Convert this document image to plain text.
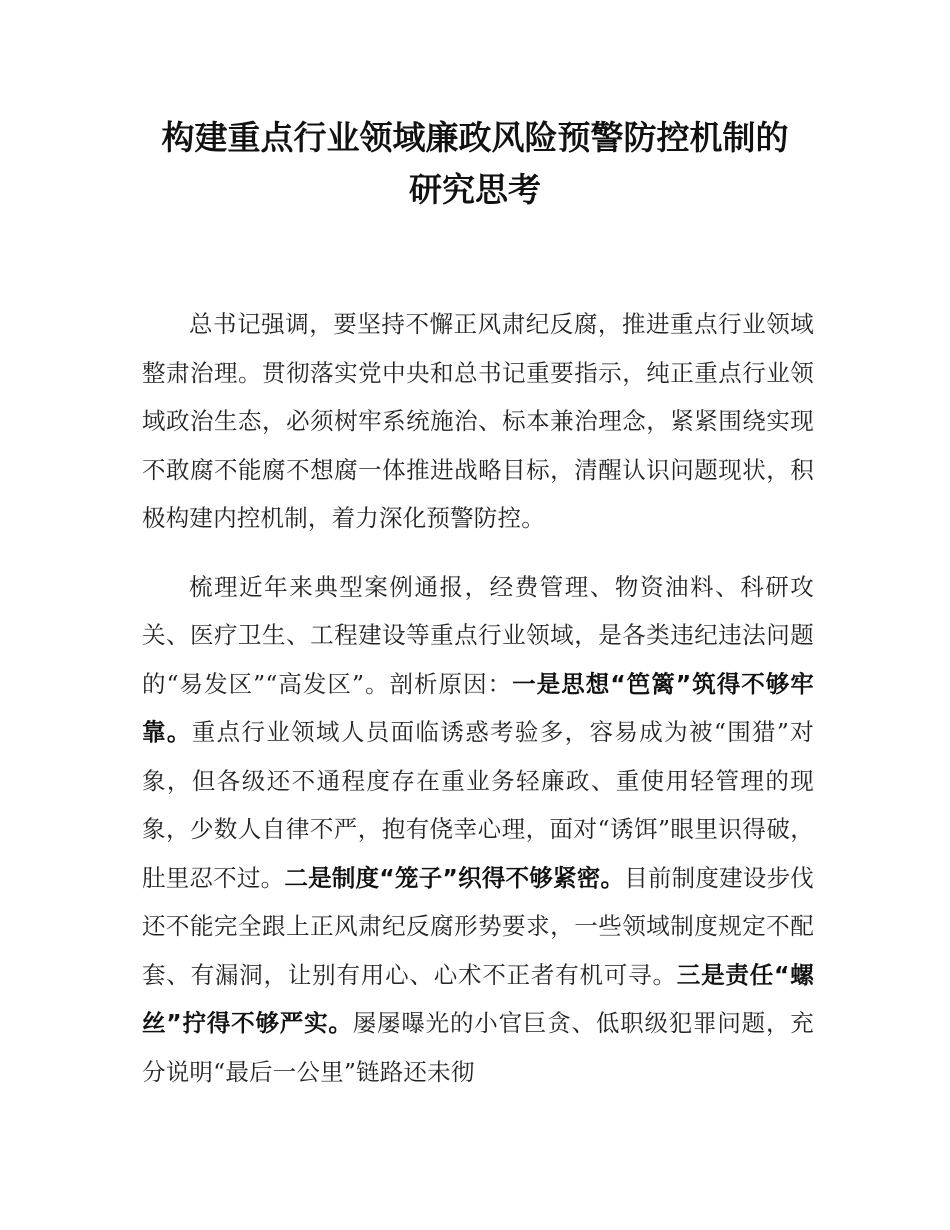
构建重点行业领域廉政风险预警防控机制的
研究思考

总书记强调，要坚持不懈正风肃纪反腐，推进重点行业领域整肃治理。贯彻落实党中央和总书记重要指示，纯正重点行业领域政治生态，必须树牢系统施治、标本兼治理念，紧紧围绕实现不敢腐不能腐不想腐一体推进战略目标，清醒认识问题现状，积极构建内控机制，着力深化预警防控。

梳理近年来典型案例通报，经费管理、物资油料、科研攻关、医疗卫生、工程建设等重点行业领域，是各类违纪违法问题的“易发区”“高发区”。剖析原因：一是思想“笆篱”筑得不够牢靠。重点行业领域人员面临诱惑考验多，容易成为被“围猎”对象，但各级还不通程度存在重业务轻廉政、重使用轻管理的现象，少数人自律不严，抱有侥幸心理，面对“诱饵”眼里识得破，肚里忍不过。二是制度“笼子”织得不够紧密。目前制度建设步伐还不能完全跟上正风肃纪反腐形势要求，一些领域制度规定不配套、有漏洞，让别有用心、心术不正者有机可寻。三是责任“螺丝”拧得不够严实。屡屡曝光的小官巨贪、低职级犯罪问题，充分说明“最后一公里”链路还未彻
